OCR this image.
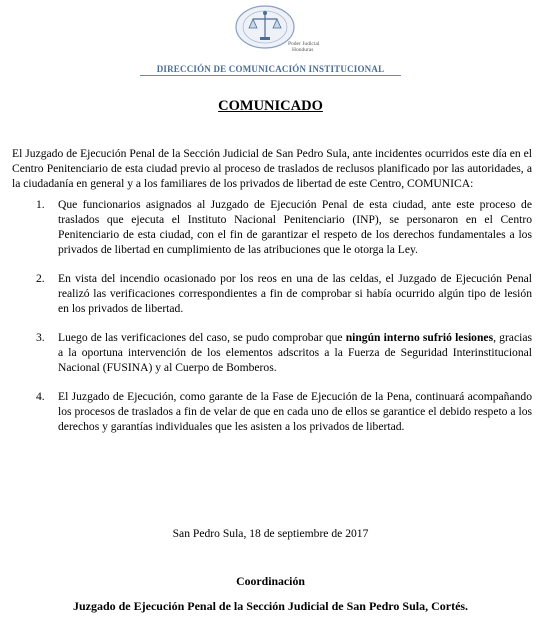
Poder Judicial
Honduras
DIRECCIÓN DE COMUNICACIÓN INSTITUCIONAL
COMUNICADO

El Juzgado de Ejecución Penal de la Sección Judicial de San Pedro Sula, ante incidentes ocurridos este día en el Centro Penitenciario de esta ciudad previo al proceso de traslados de reclusos planificado por las autoridades, a la ciudadanía en general y a los familiares de los privados de libertad de este Centro, COMUNICA:

1. Que funcionarios asignados al Juzgado de Ejecución Penal de esta ciudad, ante este proceso de traslados que ejecuta el Instituto Nacional Penitenciario (INP), se personaron en el Centro Penitenciario de esta ciudad, con el fin de garantizar el respeto de los derechos fundamentales a los privados de libertad en cumplimiento de las atribuciones que le otorga la Ley.
2. En vista del incendio ocasionado por los reos en una de las celdas, el Juzgado de Ejecución Penal realizó las verificaciones correspondientes a fin de comprobar si había ocurrido algún tipo de lesión en los privados de libertad.
3. Luego de las verificaciones del caso, se pudo comprobar que ningún interno sufrió lesiones, gracias a la oportuna intervención de los elementos adscritos a la Fuerza de Seguridad Interinstitucional Nacional (FUSINA) y al Cuerpo de Bomberos.
4. El Juzgado de Ejecución, como garante de la Fase de Ejecución de la Pena, continuará acompañando los procesos de traslados a fin de velar de que en cada uno de ellos se garantice el debido respeto a los derechos y garantías individuales que les asisten a los privados de libertad.
San Pedro Sula, 18 de septiembre de 2017
Coordinación
Juzgado de Ejecución Penal de la Sección Judicial de San Pedro Sula, Cortés.
